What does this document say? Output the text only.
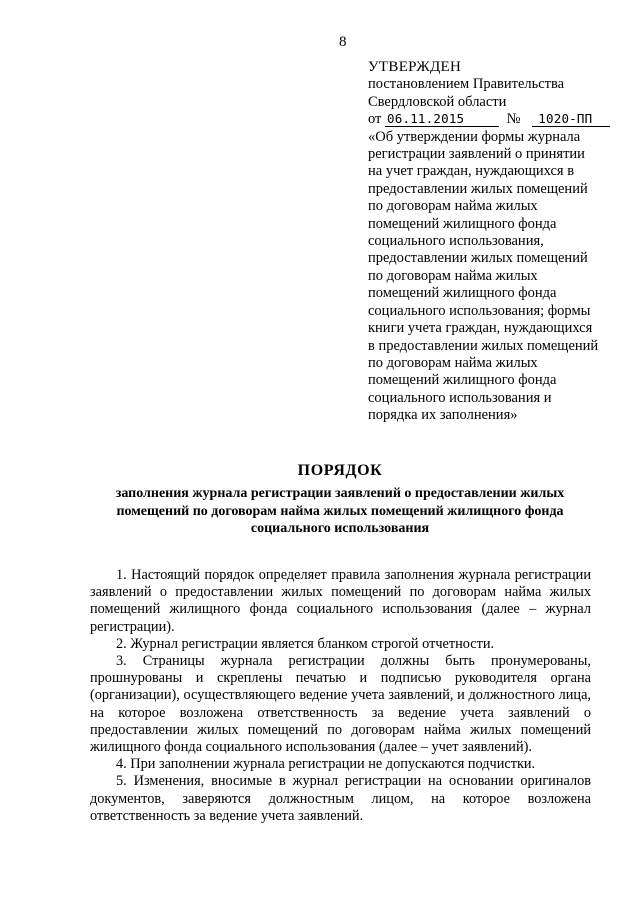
8
УТВЕРЖДЕН
постановлением Правительства
Свердловской области
от 06.11.2015	№ 1020-ПП
«Об утверждении формы журнала
регистрации заявлений о принятии
на учет граждан, нуждающихся в
предоставлении жилых помещений
по договорам найма жилых
помещений жилищного фонда
социального использования,
предоставлении жилых помещений
по договорам найма жилых
помещений жилищного фонда
социального использования; формы
книги учета граждан, нуждающихся
в предоставлении жилых помещений
по договорам найма жилых
помещений жилищного фонда
социального использования и
порядка их заполнения»
ПОРЯДОК
заполнения журнала регистрации заявлений о предоставлении жилых
помещений по договорам найма жилых помещений жилищного фонда
социального использования

1. Настоящий порядок определяет правила заполнения журнала регистрации заявлений о предоставлении жилых помещений по договорам найма жилых помещений жилищного фонда социального использования (далее – журнал регистрации).

2. Журнал регистрации является бланком строгой отчетности.

3. Страницы журнала регистрации должны быть пронумерованы, прошнурованы и скреплены печатью и подписью руководителя органа (организации), осуществляющего ведение учета заявлений, и должностного лица, на которое возложена ответственность за ведение учета заявлений о предоставлении жилых помещений по договорам найма жилых помещений жилищного фонда социального использования (далее – учет заявлений).

4. При заполнении журнала регистрации не допускаются подчистки.

5. Изменения, вносимые в журнал регистрации на основании оригиналов документов, заверяются должностным лицом, на которое возложена ответственность за ведение учета заявлений.
